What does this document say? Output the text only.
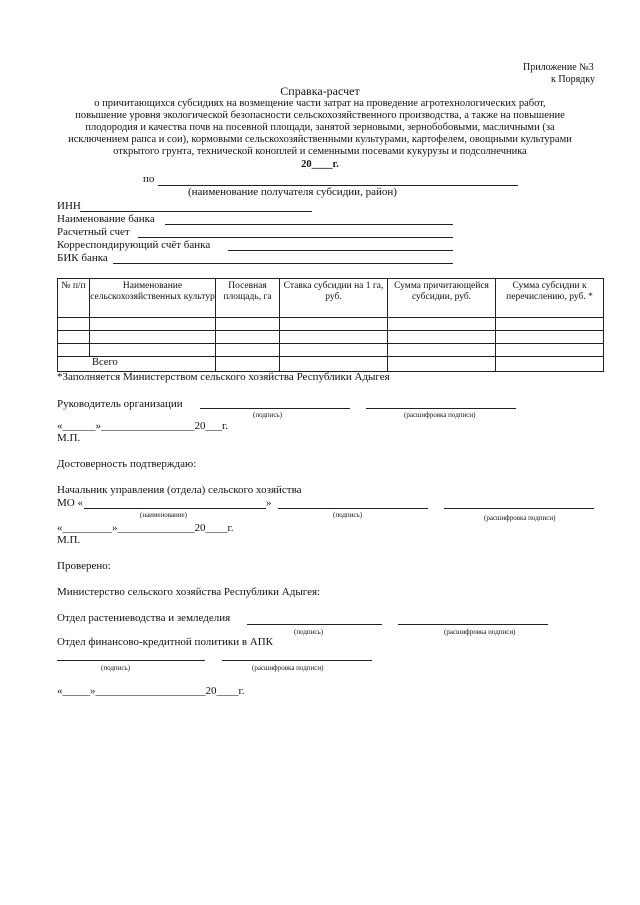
Приложение №3
к Порядку
Справка-расчет
о причитающихся субсидиях на возмещение части затрат на проведение агротехнологических работ,
повышение уровня экологической безопасности сельскохозяйственного производства, а также на повышение
плодородия и качества почв на посевной площади, занятой зерновыми, зернобобовыми, масличными (за
исключением рапса и сои), кормовыми сельскохозяйственными культурами, картофелем, овощными культурами
открытого грунта, технической коноплей и семенными посевами кукурузы и подсолнечника
20____г.
по
(наименование получателя субсидии, район)
ИНН
Наименование банка
Расчетный счет
Корреспондирующий счёт банка
БИК банка
№ п/п	Наименование сельскохозяйственных культур	Посевная площадь, га	Ставка субсидии на 1 га, руб.	Сумма причитающейся субсидии, руб.	Сумма субсидии к перечислению, руб. *

Всего					
*Заполняется Министерством сельского хозяйства Республики Адыгея
Руководитель организации
(подпись)	(расшифровка подписи)
«______»_________________20___г.
М.П.
Достоверность подтверждаю:
Начальник управления (отдела) сельского хозяйства
МО «	»
(наименование)	(подпись)	(расшифровка подписи)
«_________»______________20____г.
М.П.
Проверено:
Министерство сельского хозяйства Республики Адыгея:
Отдел растениеводства и земледелия
(подпись)	(расшифровка подписи)
Отдел финансово-кредитной политики в АПК
(подпись)	(расшифровка подписи)
«_____»____________________20____г.
